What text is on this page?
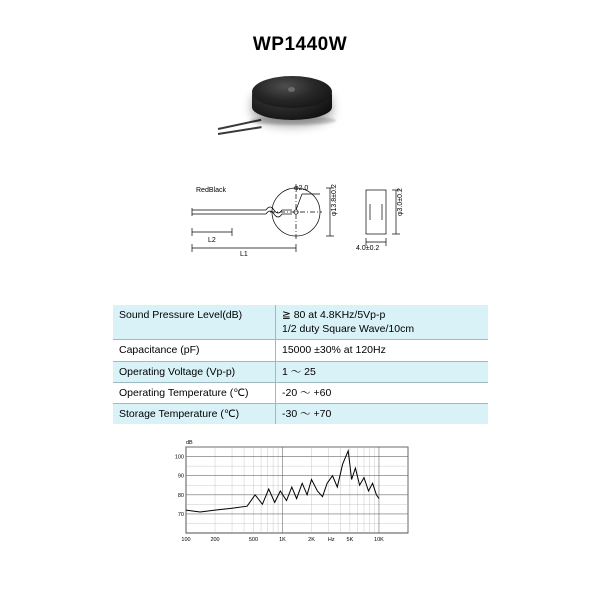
WP1440W
RedBlack	φ2.0	φ13.8±0.2	φ3.0±0.2
4.0±0.2
L1
L2
Sound Pressure Level(dB)	≧ 80 at 4.8KHz/5Vp-p
1/2 duty Square Wave/10cm

Capacitance (pF)	15000 ±30% at 120Hz
Operating Voltage (Vp-p)	1 ～ 25
Operating Temperature (℃)	-20 ～ +60
Storage Temperature (℃)	-30 ～ +70
100
90
80
70
100	200	500	1K	2K Hz 5K	10K
dB
